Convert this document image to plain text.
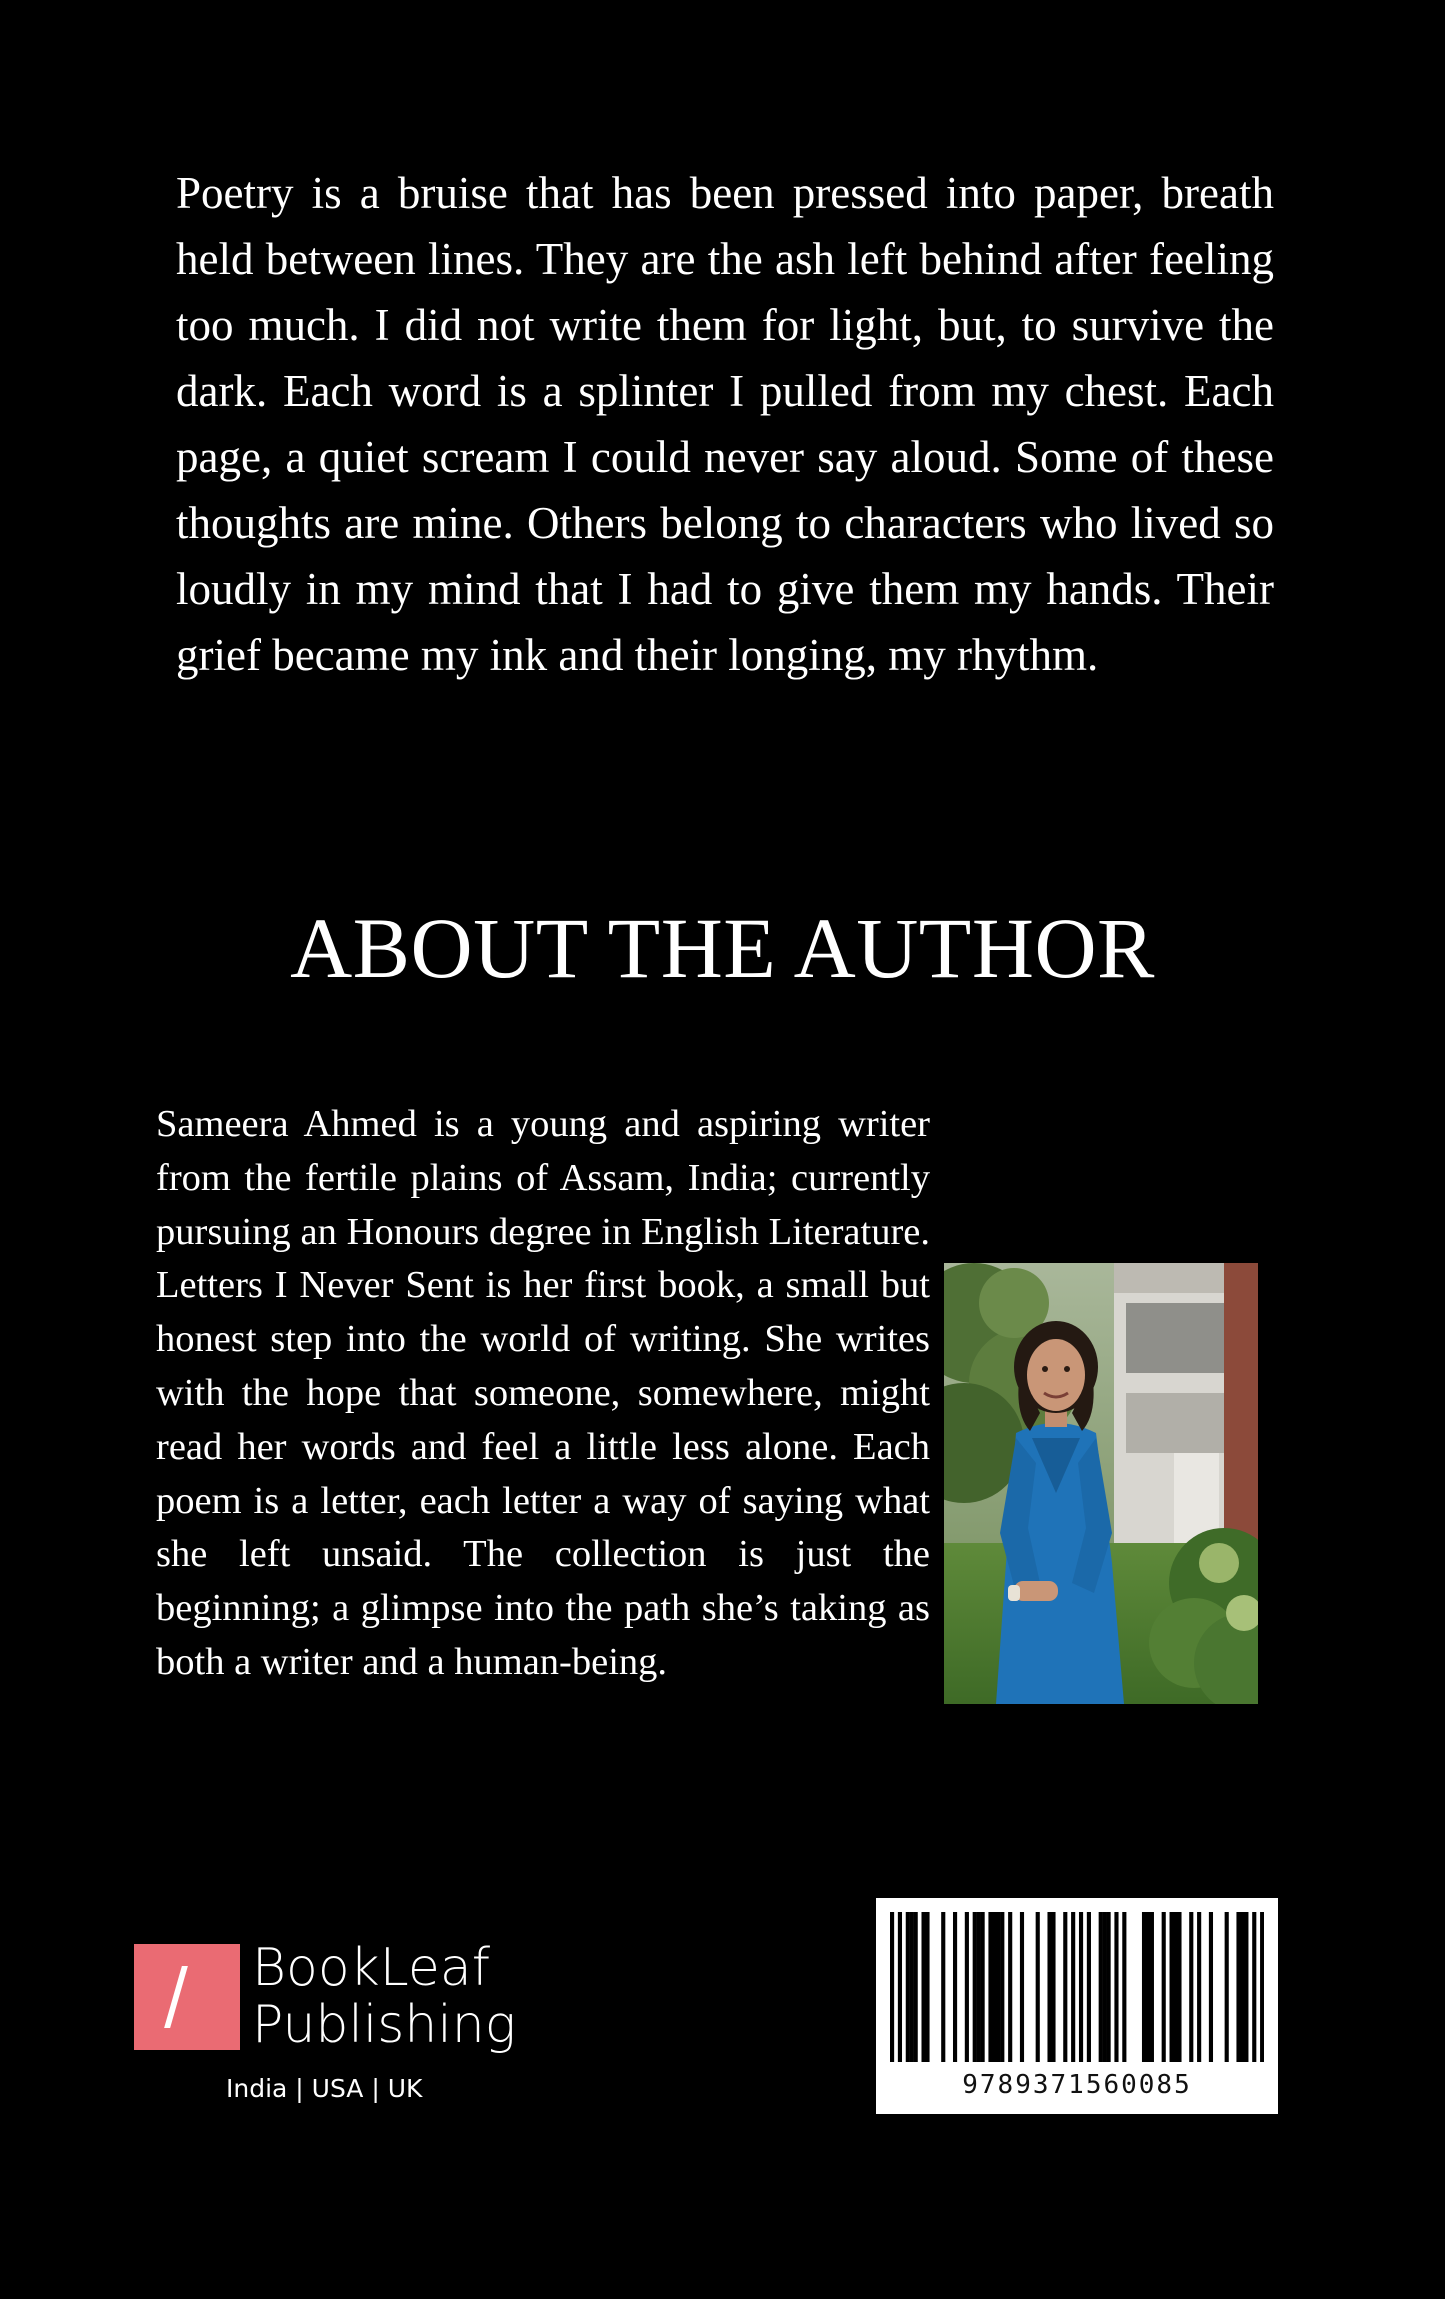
Poetry is a bruise that has been pressed into paper, breath held between lines. They are the ash left behind after feeling too much. I did not write them for light, but, to survive the dark. Each word is a splinter I pulled from my chest. Each page, a quiet scream I could never say aloud. Some of these thoughts are mine. Others belong to characters who lived so loudly in my mind that I had to give them my hands. Their grief became my ink and their longing, my rhythm.

ABOUT THE AUTHOR

Sameera Ahmed is a young and aspiring writer from the fertile plains of Assam, India; currently pursuing an Honours degree in English Literature. Letters I Never Sent is her first book, a small but honest step into the world of writing. She writes with the hope that someone, somewhere, might read her words and feel a little less alone. Each poem is a letter, each letter a way of saying what she left unsaid. The collection is just the beginning; a glimpse into the path she’s taking as both a writer and a human-being.

BookLeaf
Publishing
India | USA | UK	9789371560085
